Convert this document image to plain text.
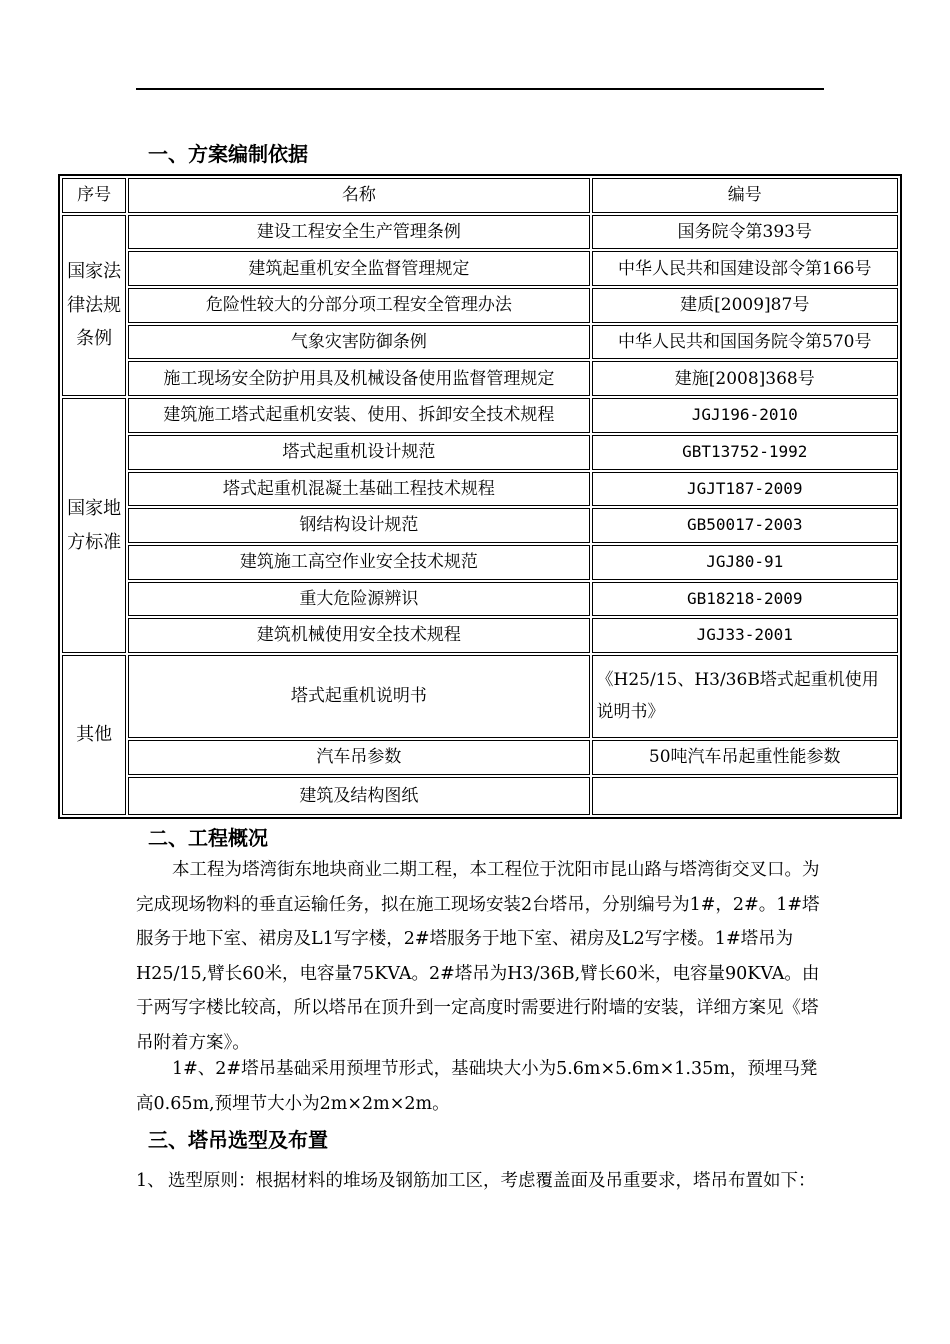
一、方案编制依据
序号	名称	编号
国家法律法规条例	建设工程安全生产管理条例	国务院令第393号
	建筑起重机安全监督管理规定	中华人民共和国建设部令第166号
	危险性较大的分部分项工程安全管理办法	建质[2009]87号
	气象灾害防御条例	中华人民共和国国务院令第570号
	施工现场安全防护用具及机械设备使用监督管理规定	建施[2008]368号
国家地方标准	建筑施工塔式起重机安装、使用、拆卸安全技术规程	JGJ196-2010
	塔式起重机设计规范	GBT13752-1992
	塔式起重机混凝土基础工程技术规程	JGJT187-2009
	钢结构设计规范	GB50017-2003
	建筑施工高空作业安全技术规范	JGJ80-91
	重大危险源辨识	GB18218-2009
	建筑机械使用安全技术规程	JGJ33-2001
其他	塔式起重机说明书	《H25/15、H3/36B塔式起重机使用说明书》
	汽车吊参数	50吨汽车吊起重性能参数
	建筑及结构图纸	
二、工程概况

本工程为塔湾街东地块商业二期工程，本工程位于沈阳市昆山路与塔湾街交叉口。为完成现场物料的垂直运输任务，拟在施工现场安装2台塔吊，分别编号为1#，2#。1#塔服务于地下室、裙房及L1写字楼，2#塔服务于地下室、裙房及L2写字楼。1#塔吊为H25/15,臂长60米，电容量75KVA。2#塔吊为H3/36B,臂长60米，电容量90KVA。由于两写字楼比较高，所以塔吊在顶升到一定高度时需要进行附墙的安装，详细方案见《塔吊附着方案》。

1#、2#塔吊基础采用预埋节形式，基础块大小为5.6m×5.6m×1.35m，预埋马凳高0.65m,预埋节大小为2m×2m×2m。

三、塔吊选型及布置
1、 选型原则：根据材料的堆场及钢筋加工区，考虑覆盖面及吊重要求，塔吊布置如下：
